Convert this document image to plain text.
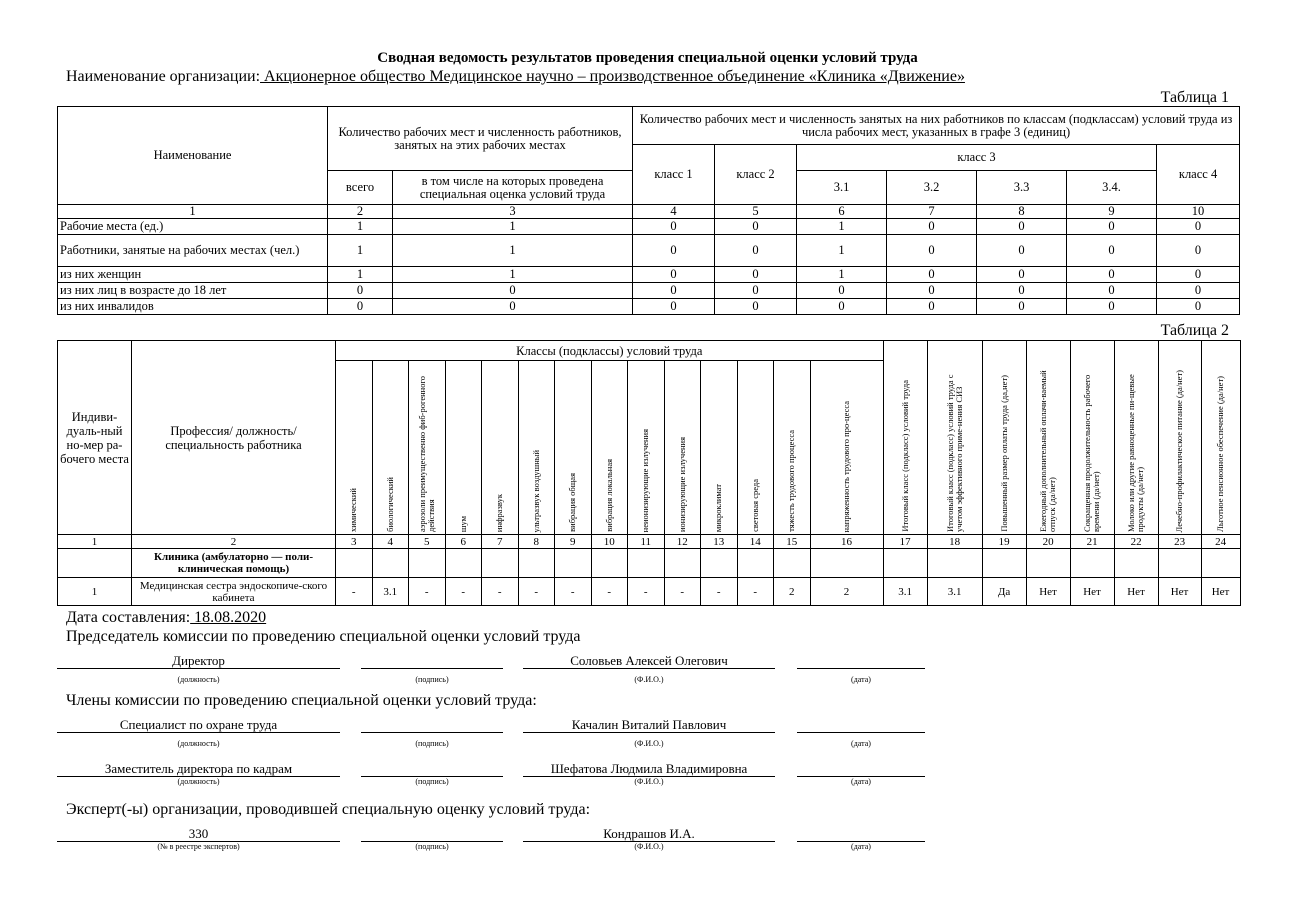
Сводная ведомость результатов проведения специальной оценки условий труда
Наименование организации: Акционерное общество Медицинское научно – производственное объединение «Клиника «Движение»
Таблица 1
Наименование	Количество рабочих мест и численность работников, занятых на этих рабочих местах		Количество рабочих мест и численность занятых на них работников по классам (подклассам) условий труда из числа рабочих мест, указанных в графе 3 (единиц)						
			класс 1	класс 2	класс 3				класс 4
	всего	в том числе на которых проведена специальная оценка условий труда			3.1	3.2	3.3	3.4.	
1	2	3	4	5	6	7	8	9	10
Рабочие места (ед.)	1	1	0	0	1	0	0	0	0
Работники, занятые на рабочих местах (чел.)	1	1	0	0	1	0	0	0	0
из них женщин	1	1	0	0	1	0	0	0	0
из них лиц в возрасте до 18 лет	0	0	0	0	0	0	0	0	0
из них инвалидов	0	0	0	0	0	0	0	0	0
Таблица 2
Индиви-дуаль-ный но-мер ра-бочего места	Профессия/ должность/ специальность работника	Классы (подклассы) условий труда														Итоговый класс (подкласс) условий труда	Итоговый класс (подкласс) условий труда с учетом эффективного приме-нения СИЗ	Повышенный размер оплаты труда (да,нет)	Ежегодный дополнительный оплачи-ваемый отпуск (да/нет)	Сокращенная продолжительность рабочего времени (да/нет)	Молоко или другие равноценные пи-щевые продукты (да/нет)	Лечебно-профилактическое питание (да/нет)	Льготное пенсионное обеспечение (да/нет)

		химический	биологический	аэрозоли преимущественно фиб-рогенного действия	шум	инфразвук	ультразвук воздушный	вибрация общая	вибрация локальная	неионизирующие излучения	ионизирующие излучения	микроклимат	световая среда	тяжесть трудового процесса	напряженность трудового про-цесса								

1	2	3	4	5	6	7	8	9	10	11	12	13	14	15	16	17	18	19	20	21	22	23	24
	Клиника (амбулаторно — поли-клиническая помощь)																						
1	Медицинская сестра эндоскопиче-ского кабинета	-	3.1	-	-	-	-	-	-	-	-	-	-	2	2	3.1	3.1	Да	Нет	Нет	Нет	Нет	Нет
Дата составления: 18.08.2020
Председатель комиссии по проведению специальной оценки условий труда
Директор	Соловьев Алексей Олегович
(должность)	(подпись)	(Ф.И.О.)	(дата)
Члены комиссии по проведению специальной оценки условий труда:
Специалист по охране труда	Качалин Виталий Павлович
(должность)	(подпись)	(Ф.И.О.)	(дата)
Заместитель директора по кадрам	Шефатова Людмила Владимировна
(должность)	(подпись)	(Ф.И.О.)	(дата)
Эксперт(-ы) организации, проводившей специальную оценку условий труда:
330	Кондрашов И.А.
(№ в реестре экспертов)	(подпись)	(Ф.И.О.)	(дата)
